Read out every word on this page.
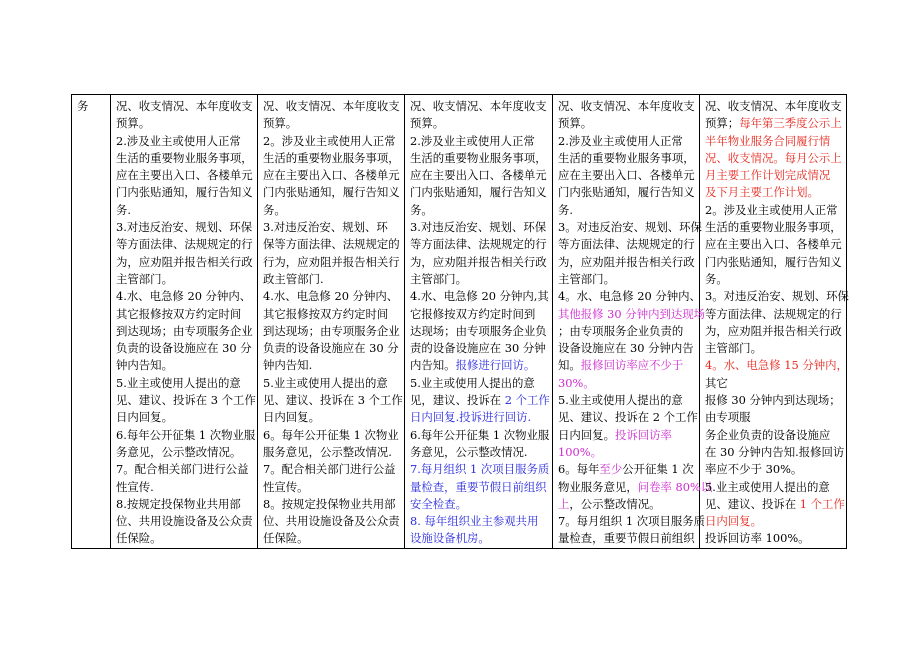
务	况、收支情况、本年度收支
预算。
2.涉及业主或使用人正常
生活的重要物业服务事项，
应在主要出入口、各楼单元
门内张贴通知，履行告知义
务.
3.对违反治安、规划、环保
等方面法律、法规规定的行
为，应劝阻并报告相关行政
主管部门。
4.水、电急修 20 分钟内、
其它报修按双方约定时间
到达现场；由专项服务企业
负责的设备设施应在 30 分
钟内告知。
5.业主或使用人提出的意
见、建议、投诉在 3 个工作
日内回复。
6.每年公开征集 1 次物业服
务意见，公示整改情况。
7。配合相关部门进行公益
性宣传.
8.按规定投保物业共用部
位、共用设施设备及公众责
任保险。

况、收支情况、本年度收支
预算。
2。涉及业主或使用人正常
生活的重要物业服务事项，
应在主要出入口、各楼单元
门内张贴通知，履行告知义
务。
3.对违反治安、规划、环
保等方面法律、法规规定的
行为，应劝阻并报告相关行
政主管部门.
4.水、电急修 20 分钟内、
其它报修按双方约定时间
到达现场；由专项服务企业
负责的设备设施应在 30 分
钟内告知.
5.业主或使用人提出的意
见、建议、投诉在 3 个工作
日内回复。
6。每年公开征集 1 次物业
服务意见，公示整改情况.
7。配合相关部门进行公益
性宣传。
8。按规定投保物业共用部
位、共用设施设备及公众责
任保险。

况、收支情况、本年度收支
预算。
2.涉及业主或使用人正常
生活的重要物业服务事项，
应在主要出入口、各楼单元
门内张贴通知，履行告知义
务。
3.对违反治安、规划、环保
等方面法律、法规规定的行
为，应劝阻并报告相关行政
主管部门。
4.水、电急修 20 分钟内,其
它报修按双方约定时间到
达现场；由专项服务企业负
责的设备设施应在 30 分钟
内告知。报修进行回访。
5.业主或使用人提出的意
见，建议、投诉在 2 个工作
日内回复.投诉进行回访.
6.每年公开征集 1 次物业服
务意见，公示整改情况.
7.每月组织 1 次项目服务质
量检查，重要节假日前组织
安全检查。
8. 每年组织业主参观共用
设施设备机房。

况、收支情况、本年度收支
预算。
2.涉及业主或使用人正常
生活的重要物业服务事项，
应在主要出入口、各楼单元
门内张贴通知，履行告知义
务.
3。对违反治安、规划、环保
等方面法律、法规规定的行
为，应劝阻并报告相关行政
主管部门。
4。水、电急修 20 分钟内、
其他报修 30 分钟内到达现场
；由专项服务企业负责的
设备设施应在 30 分钟内告
知。报修回访率应不少于
30%。
5.业主或使用人提出的意
见、建议、投诉在 2 个工作
日内回复。投诉回访率
100%。
6。每年至少公开征集 1 次
物业服务意见，问卷率 80%以
上，公示整改情况。
7。每月组织 1 次项目服务质
量检查，重要节假日前组织

况、收支情况、本年度收支
预算；每年第三季度公示上
半年物业服务合同履行情
况、收支情况。每月公示上
月主要工作计划完成情况
及下月主要工作计划。
2。涉及业主或使用人正常
生活的重要物业服务事项，
应在主要出入口、各楼单元
门内张贴通知，履行告知义
务。
3。对违反治安、规划、环保
等方面法律、法规规定的行
为，应劝阻并报告相关行政
主管部门。
4。水、电急修 15 分钟内，
其它
报修 30 分钟内到达现场；
由专项服
务企业负责的设备设施应
在 30 分钟内告知.报修回访
率应不少于 30%。
5.业主或使用人提出的意
见、建议、投诉在 1 个工作
日内回复。
投诉回访率 100%。
